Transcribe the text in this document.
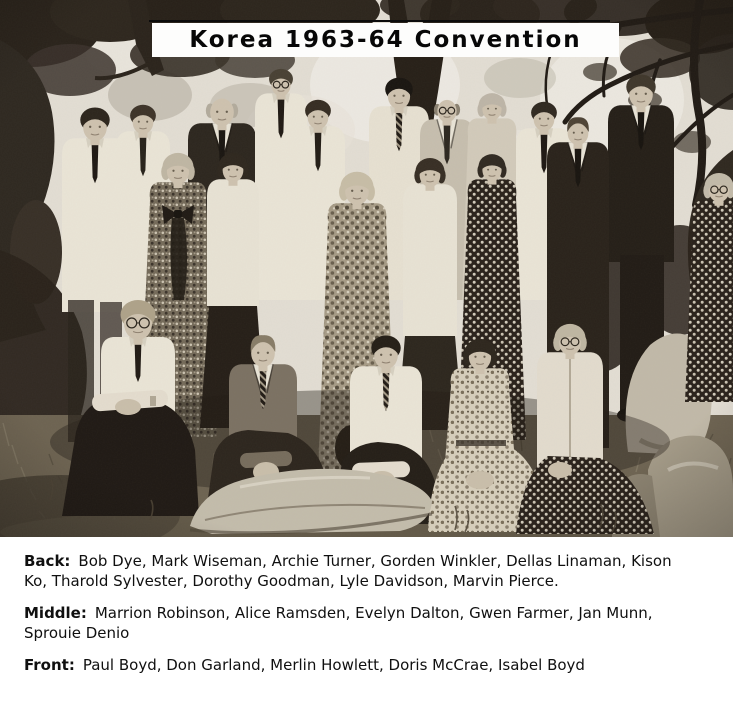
Korea 1963-64 Convention

Back: Bob Dye, Mark Wiseman, Archie Turner, Gorden Winkler, Dellas Linaman, Kison
Ko, Tharold Sylvester, Dorothy Goodman, Lyle Davidson, Marvin Pierce.

Middle: Marrion Robinson, Alice Ramsden, Evelyn Dalton, Gwen Farmer, Jan Munn,
Sprouie Denio

Front: Paul Boyd, Don Garland, Merlin Howlett, Doris McCrae, Isabel Boyd
